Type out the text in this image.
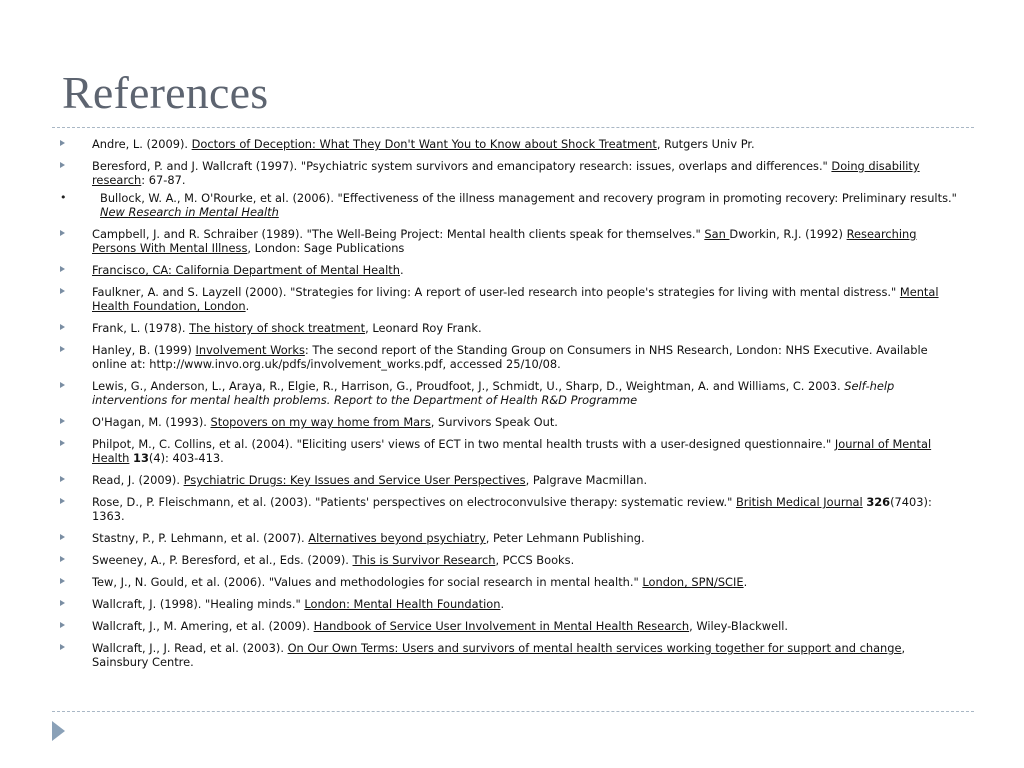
References
Andre, L. (2009). Doctors of Deception: What They Don't Want You to Know about Shock Treatment, Rutgers Univ Pr.
Beresford, P. and J. Wallcraft (1997). "Psychiatric system survivors and emancipatory research: issues, overlaps and differences." Doing disability research: 67-87.
•	Bullock, W. A., M. O'Rourke, et al. (2006). "Effectiveness of the illness management and recovery program in promoting recovery: Preliminary results." New Research in Mental Health
Campbell, J. and R. Schraiber (1989). "The Well-Being Project: Mental health clients speak for themselves." San Dworkin, R.J. (1992) Researching Persons With Mental Illness, London: Sage Publications
Francisco, CA: California Department of Mental Health.
Faulkner, A. and S. Layzell (2000). "Strategies for living: A report of user-led research into people's strategies for living with mental distress." Mental Health Foundation, London.
Frank, L. (1978). The history of shock treatment, Leonard Roy Frank.
Hanley, B. (1999) Involvement Works: The second report of the Standing Group on Consumers in NHS Research, London: NHS Executive. Available online at: http://www.invo.org.uk/pdfs/involvement_works.pdf, accessed 25/10/08.
Lewis, G., Anderson, L., Araya, R., Elgie, R., Harrison, G., Proudfoot, J., Schmidt, U., Sharp, D., Weightman, A. and Williams, C. 2003. Self-help interventions for mental health problems. Report to the Department of Health R&D Programme
O'Hagan, M. (1993). Stopovers on my way home from Mars, Survivors Speak Out.
Philpot, M., C. Collins, et al. (2004). "Eliciting users' views of ECT in two mental health trusts with a user-designed questionnaire." Journal of Mental Health 13(4): 403-413.
Read, J. (2009). Psychiatric Drugs: Key Issues and Service User Perspectives, Palgrave Macmillan.
Rose, D., P. Fleischmann, et al. (2003). "Patients' perspectives on electroconvulsive therapy: systematic review." British Medical Journal 326(7403): 1363.
Stastny, P., P. Lehmann, et al. (2007). Alternatives beyond psychiatry, Peter Lehmann Publishing.
Sweeney, A., P. Beresford, et al., Eds. (2009). This is Survivor Research, PCCS Books.
Tew, J., N. Gould, et al. (2006). "Values and methodologies for social research in mental health." London, SPN/SCIE.
Wallcraft, J. (1998). "Healing minds." London: Mental Health Foundation.
Wallcraft, J., M. Amering, et al. (2009). Handbook of Service User Involvement in Mental Health Research, Wiley-Blackwell.
Wallcraft, J., J. Read, et al. (2003). On Our Own Terms: Users and survivors of mental health services working together for support and change, Sainsbury Centre.
